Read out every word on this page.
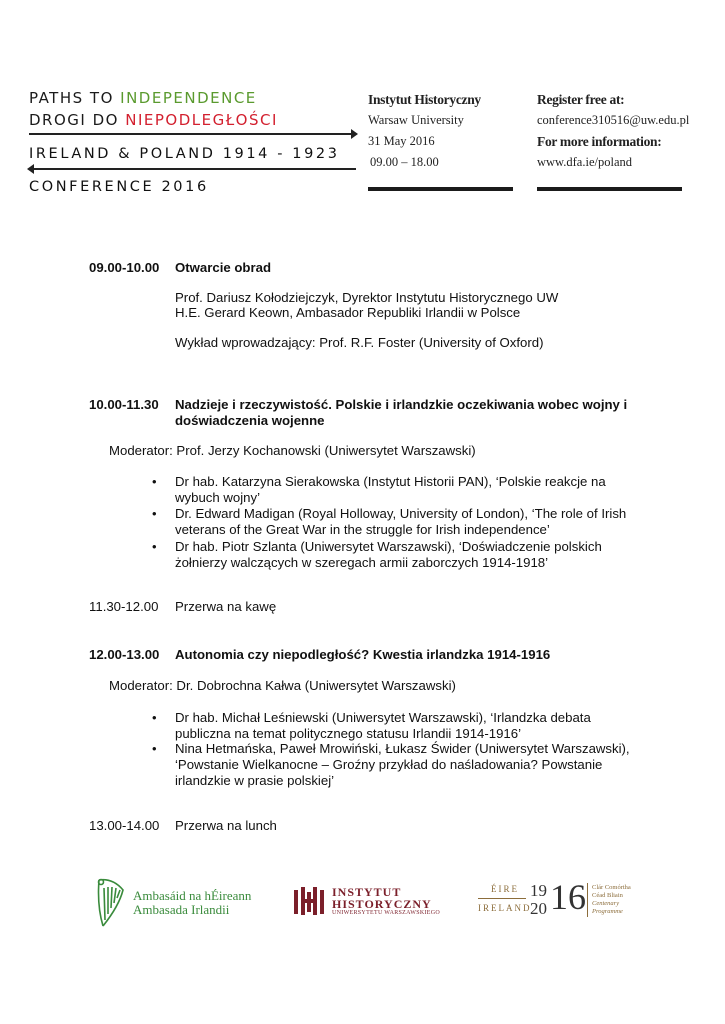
PATHS TO INDEPENDENCE
DROGI DO NIEPODLEGŁOŚCI
IRELAND & POLAND 1914 - 1923
CONFERENCE 2016
Instytut Historyczny
Warsaw University
31 May 2016
09.00 – 18.00
Register free at:
conference310516@uw.edu.pl
For more information:
www.dfa.ie/poland
09.00-10.00 Otwarcie obrad
Prof. Dariusz Kołodziejczyk, Dyrektor Instytutu Historycznego UW
H.E. Gerard Keown, Ambasador Republiki Irlandii w Polsce
Wykład wprowadzający: Prof. R.F. Foster (University of Oxford)
10.00-11.30 Nadzieje i rzeczywistość. Polskie i irlandzkie oczekiwania wobec wojny i
doświadczenia wojenne
Moderator: Prof. Jerzy Kochanowski (Uniwersytet Warszawski)
• Dr hab. Katarzyna Sierakowska (Instytut Historii PAN), ‘Polskie reakcje na
wybuch wojny’
• Dr. Edward Madigan (Royal Holloway, University of London), ‘The role of Irish
veterans of the Great War in the struggle for Irish independence’
• Dr hab. Piotr Szlanta (Uniwersytet Warszawski), ‘Doświadczenie polskich
żołnierzy walczących w szeregach armii zaborczych 1914-1918’
11.30-12.00 Przerwa na kawę
12.00-13.00 Autonomia czy niepodległość? Kwestia irlandzka 1914-1916
Moderator: Dr. Dobrochna Kałwa (Uniwersytet Warszawski)
• Dr hab. Michał Leśniewski (Uniwersytet Warszawski), ‘Irlandzka debata
publiczna na temat politycznego statusu Irlandii 1914-1916’
• Nina Hetmańska, Paweł Mrowiński, Łukasz Świder (Uniwersytet Warszawski),
‘Powstanie Wielkanocne – Groźny przykład do naśladowania? Powstanie
irlandzkie w prasie polskiej’
13.00-14.00 Przerwa na lunch
Ambasáid na hÉireann
Ambasada Irlandii
INSTYTUT
HISTORYCZNY
UNIWERSYTETU WARSZAWSKIEGO
ÉIRE
IRELAND
19
20 16 Clár Comórtha
Céad Bliain
Centenary
Programme
